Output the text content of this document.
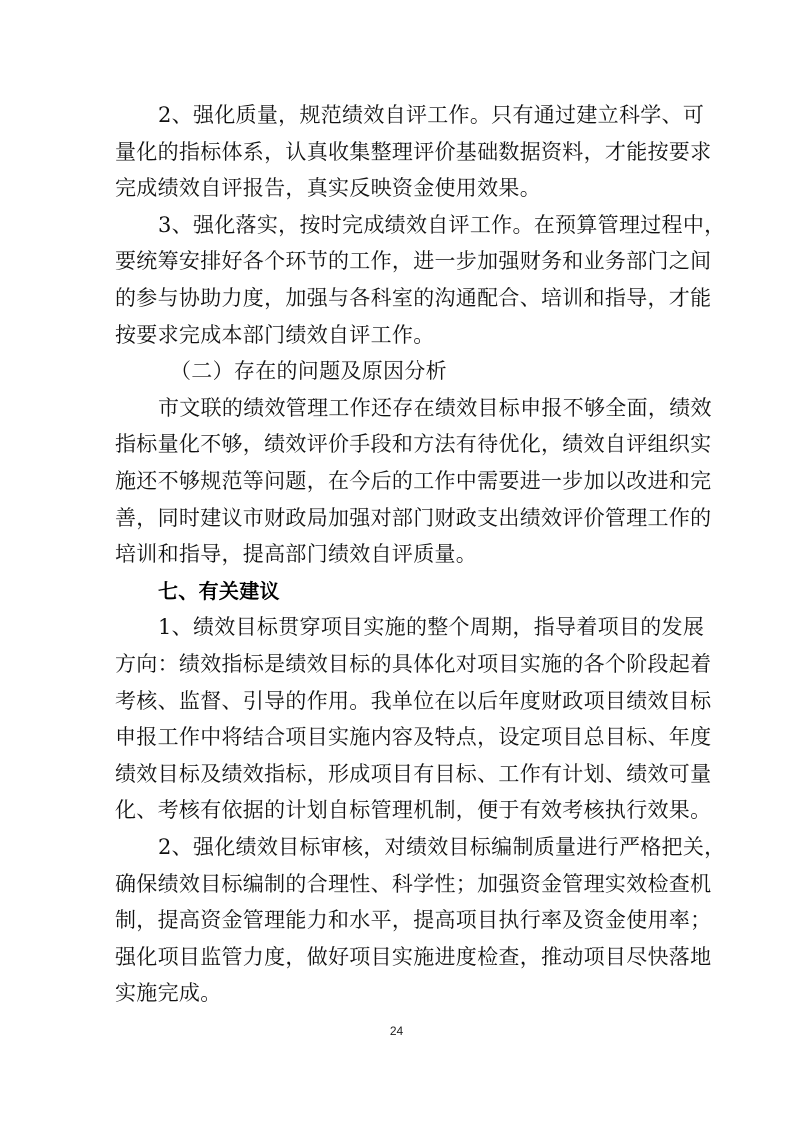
2、强化质量，规范绩效自评工作。只有通过建立科学、可
量化的指标体系，认真收集整理评价基础数据资料，才能按要求
完成绩效自评报告，真实反映资金使用效果。
3、强化落实，按时完成绩效自评工作。在预算管理过程中，
要统筹安排好各个环节的工作，进一步加强财务和业务部门之间
的参与协助力度，加强与各科室的沟通配合、培训和指导，才能
按要求完成本部门绩效自评工作。
（二）存在的问题及原因分析
市文联的绩效管理工作还存在绩效目标申报不够全面，绩效
指标量化不够，绩效评价手段和方法有待优化，绩效自评组织实
施还不够规范等问题，在今后的工作中需要进一步加以改进和完
善，同时建议市财政局加强对部门财政支出绩效评价管理工作的
培训和指导，提高部门绩效自评质量。
七、有关建议
1、绩效目标贯穿项目实施的整个周期，指导着项目的发展
方向：绩效指标是绩效目标的具体化对项目实施的各个阶段起着
考核、监督、引导的作用。我单位在以后年度财政项目绩效目标
申报工作中将结合项目实施内容及特点，设定项目总目标、年度
绩效目标及绩效指标，形成项目有目标、工作有计划、绩效可量
化、考核有依据的计划自标管理机制，便于有效考核执行效果。
2、强化绩效目标审核，对绩效目标编制质量进行严格把关，
确保绩效目标编制的合理性、科学性；加强资金管理实效检查机
制，提高资金管理能力和水平，提高项目执行率及资金使用率；
24
强化项目监管力度，做好项目实施进度检查，推动项目尽快落地
实施完成。
